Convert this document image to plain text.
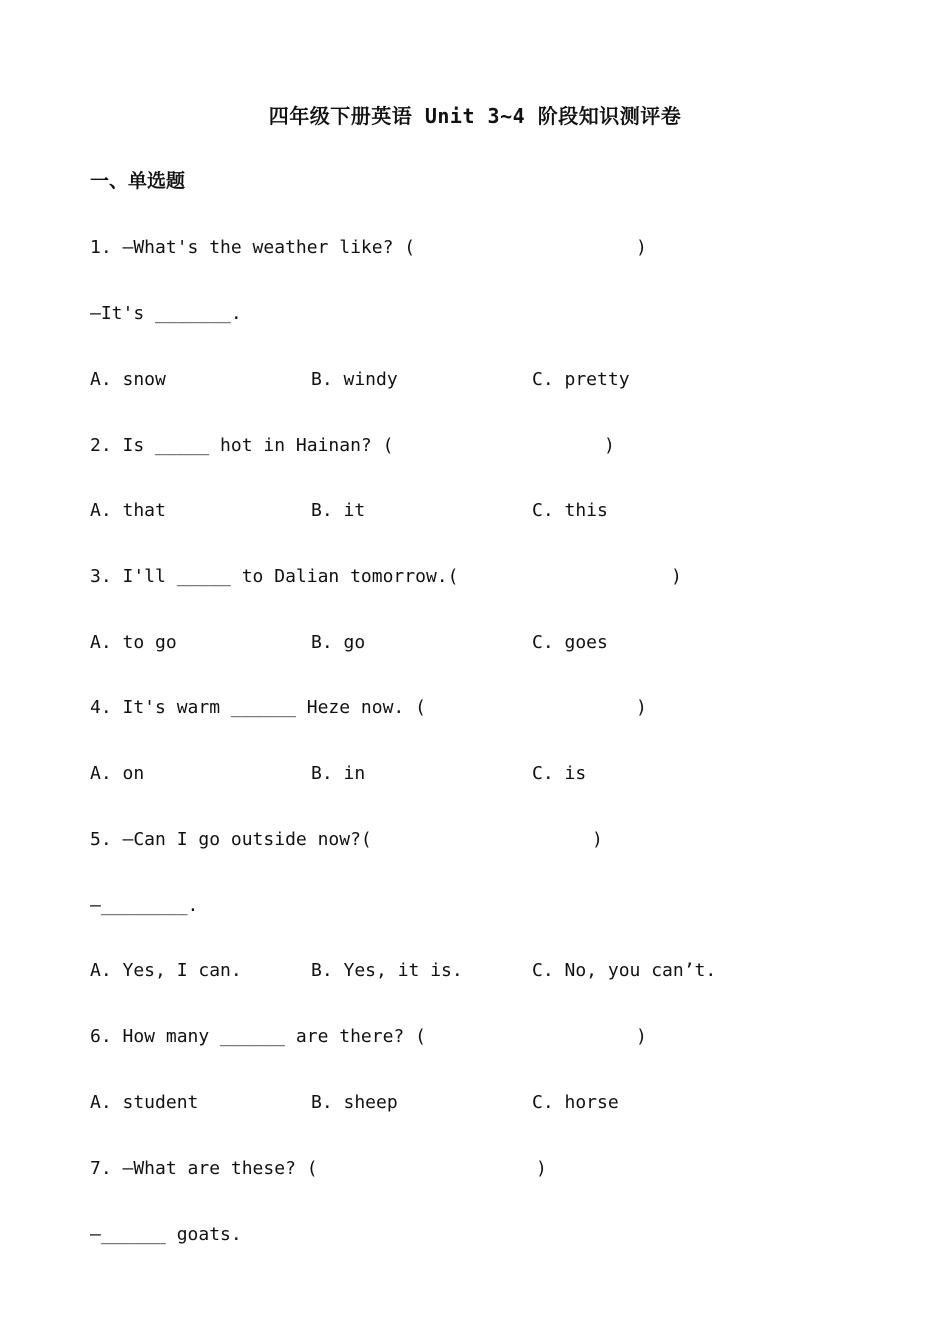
四年级下册英语 Unit 3~4 阶段知识测评卷
一、单选题
1. —What's the weather like? (	)
—It's _______.
A. snow	B. windy	C. pretty
2. Is _____ hot in Hainan? (	)
A. that	B. it	C. this
3. I'll _____ to Dalian tomorrow.(	)
A. to go	B. go	C. goes
4. It's warm ______ Heze now. (	)
A. on	B. in	C. is
5. —Can I go outside now?(	)
—________.
A. Yes, I can.	B. Yes, it is.	C. No, you can’t.
6. How many ______ are there? (	)
A. student	B. sheep	C. horse
7. —What are these? (	)
—______ goats.
